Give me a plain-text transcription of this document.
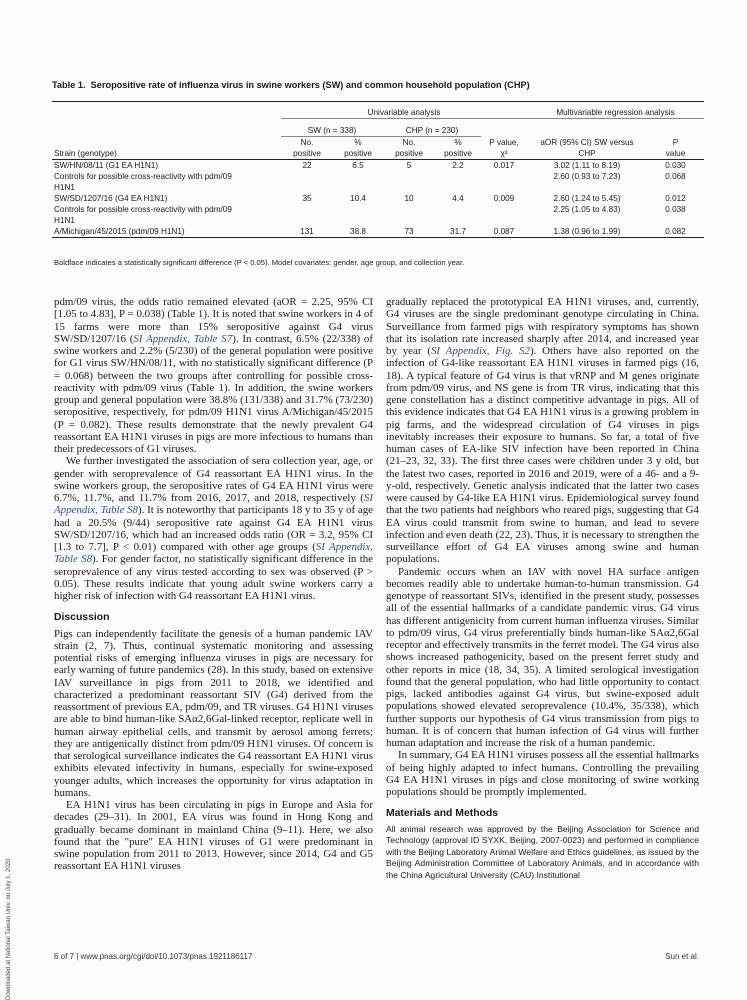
Table 1. Seropositive rate of influenza virus in swine workers (SW) and common household population (CHP)
	Univariable analysis					Multivariable regression analysis	
	SW (n = 338)		CHP (n = 230)				
	No.	%	No.	%	P value,	aOR (95% CI) SW versus	P
Strain (genotype)	positive	positive	positive	positive	χ²	CHP	value
SW/HN/08/11 (G1 EA H1N1)	22	6.5	5	2.2	0.017	3.02 (1.11 to 8.19)	0.030
Controls for possible cross-reactivity with pdm/09						2.60 (0.93 to 7.23)	0.068
H1N1							
SW/SD/1207/16 (G4 EA H1N1)	35	10.4	10	4.4	0.009	2.60 (1.24 to 5.45)	0.012
Controls for possible cross-reactivity with pdm/09						2.25 (1.05 to 4.83)	0.038
H1N1							
A/Michigan/45/2015 (pdm/09 H1N1)	131	38.8	73	31.7	0.087	1.38 (0.96 to 1.99)	0.082
Boldface indicates a statistically significant difference (P < 0.05). Model covariates: gender, age group, and collection year.

pdm/09 virus, the odds ratio remained elevated (aOR = 2.25, 95% CI [1.05 to 4.83], P = 0.038) (Table 1). It is noted that swine workers in 4 of 15 farms were more than 15% seropositive against G4 virus SW/SD/1207/16 (SI Appendix, Table S7). In contrast, 6.5% (22/338) of swine workers and 2.2% (5/230) of the general population were positive for G1 virus SW/HN/08/11, with no statistically significant difference (P = 0.068) between the two groups after controlling for possible cross-reactivity with pdm/09 virus (Table 1). In addition, the swine workers group and general population were 38.8% (131/338) and 31.7% (73/230) seropositive, respectively, for pdm/09 H1N1 virus A/Michigan/45/2015 (P = 0.082). These results demonstrate that the newly prevalent G4 reassortant EA H1N1 viruses in pigs are more infectious to humans than their predecessors of G1 viruses.

We further investigated the association of sera collection year, age, or gender with seroprevalence of G4 reassortant EA H1N1 virus. In the swine workers group, the seropositive rates of G4 EA H1N1 virus were 6.7%, 11.7%, and 11.7% from 2016, 2017, and 2018, respectively (SI Appendix, Table S8). It is noteworthy that participants 18 y to 35 y of age had a 20.5% (9/44) seropositive rate against G4 EA H1N1 virus SW/SD/1207/16, which had an increased odds ratio (OR = 3.2, 95% CI [1.3 to 7.7], P < 0.01) compared with other age groups (SI Appendix, Table S8). For gender factor, no statistically significant difference in the seroprevalence of any virus tested according to sex was observed (P > 0.05). These results indicate that young adult swine workers carry a higher risk of infection with G4 reassortant EA H1N1 virus.

Discussion

Pigs can independently facilitate the genesis of a human pandemic IAV strain (2, 7). Thus, continual systematic monitoring and assessing potential risks of emerging influenza viruses in pigs are necessary for early warning of future pandemics (28). In this study, based on extensive IAV surveillance in pigs from 2011 to 2018, we identified and characterized a predominant reassortant SIV (G4) derived from the reassortment of previous EA, pdm/09, and TR viruses. G4 H1N1 viruses are able to bind human-like SAα2,6Gal-linked receptor, replicate well in human airway epithelial cells, and transmit by aerosol among ferrets; they are antigenically distinct from pdm/09 H1N1 viruses. Of concern is that serological surveillance indicates the G4 reassortant EA H1N1 virus exhibits elevated infectivity in humans, especially for swine-exposed younger adults, which increases the opportunity for virus adaptation in humans.

EA H1N1 virus has been circulating in pigs in Europe and Asia for decades (29–31). In 2001, EA virus was found in Hong Kong and gradually became dominant in mainland China (9–11). Here, we also found that the "pure" EA H1N1 viruses of G1 were predominant in swine population from 2011 to 2013. However, since 2014, G4 and G5 reassortant EA H1N1 viruses

gradually replaced the prototypical EA H1N1 viruses, and, currently, G4 viruses are the single predominant genotype circulating in China. Surveillance from farmed pigs with respiratory symptoms has shown that its isolation rate increased sharply after 2014, and increased year by year (SI Appendix, Fig. S2). Others have also reported on the infection of G4-like reassortant EA H1N1 viruses in farmed pigs (16, 18). A typical feature of G4 virus is that vRNP and M genes originate from pdm/09 virus, and NS gene is from TR virus, indicating that this gene constellation has a distinct competitive advantage in pigs. All of this evidence indicates that G4 EA H1N1 virus is a growing problem in pig farms, and the widespread circulation of G4 viruses in pigs inevitably increases their exposure to humans. So far, a total of five human cases of EA-like SIV infection have been reported in China (21–23, 32, 33). The first three cases were children under 3 y old, but the latest two cases, reported in 2016 and 2019, were of a 46- and a 9-y-old, respectively. Genetic analysis indicated that the latter two cases were caused by G4-like EA H1N1 virus. Epidemiological survey found that the two patients had neighbors who reared pigs, suggesting that G4 EA virus could transmit from swine to human, and lead to severe infection and even death (22, 23). Thus, it is necessary to strengthen the surveillance effort of G4 EA viruses among swine and human populations.

Pandemic occurs when an IAV with novel HA surface antigen becomes readily able to undertake human-to-human transmission. G4 genotype of reassortant SIVs, identified in the present study, possesses all of the essential hallmarks of a candidate pandemic virus. G4 virus has different antigenicity from current human influenza viruses. Similar to pdm/09 virus, G4 virus preferentially binds human-like SAα2,6Gal receptor and effectively transmits in the ferret model. The G4 virus also shows increased pathogenicity, based on the present ferret study and other reports in mice (18, 34, 35). A limited serological investigation found that the general population, who had little opportunity to contact pigs, lacked antibodies against G4 virus, but swine-exposed adult populations showed elevated seroprevalence (10.4%, 35/338), which further supports our hypothesis of G4 virus transmission from pigs to human. It is of concern that human infection of G4 virus will further human adaptation and increase the risk of a human pandemic.

In summary, G4 EA H1N1 viruses possess all the essential hallmarks of being highly adapted to infect humans. Controlling the prevailing G4 EA H1N1 viruses in pigs and close monitoring of swine working populations should be promptly implemented.

Materials and Methods

All animal research was approved by the Beijing Association for Science and Technology (approval ID SYXK, Beijing, 2007-0023) and performed in compliance with the Beijing Laboratory Animal Welfare and Ethics guidelines, as issued by the Beijing Administration Committee of Laboratory Animals, and in accordance with the China Agricultural University (CAU) Institutional

6 of 7 | www.pnas.org/cgi/doi/10.1073/pnas.1921186117	Sun et al.
Downloaded at National Taiwan Univ. on July 1, 2020
